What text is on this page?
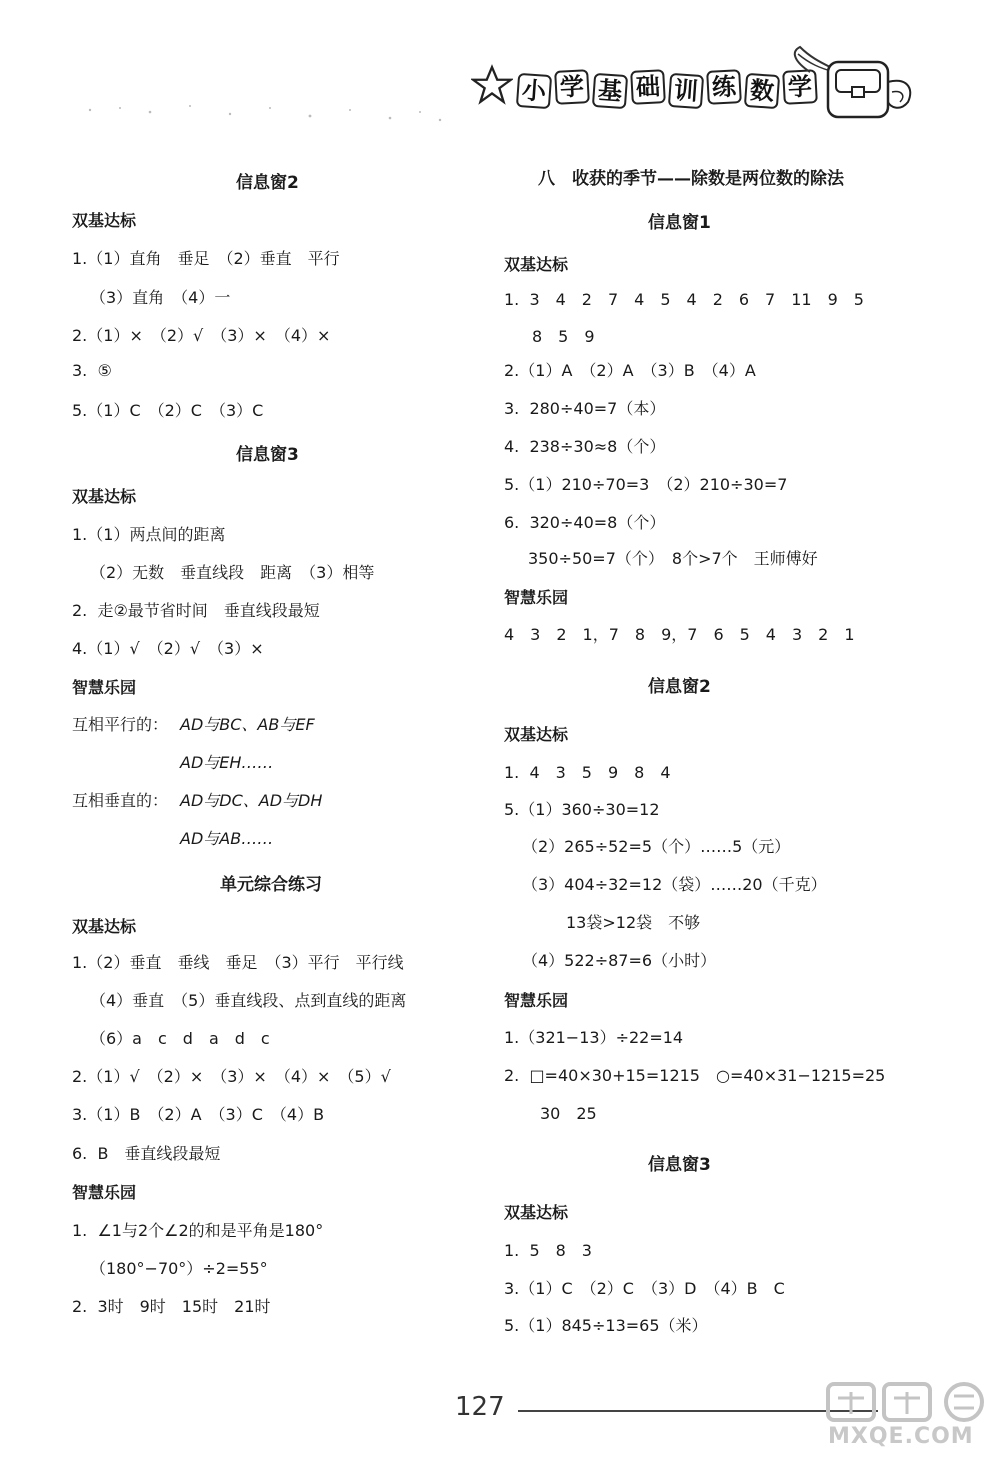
小 学 基 础 训 练 数 学
信息窗2
双基达标
1.（1）直角　垂足　（2）垂直　平行
（3）直角　（4）一
2.（1）×　（2）√　（3）×　（4）×
3.  ⑤
5.（1）C　（2）C　（3）C
信息窗3
双基达标
1.（1）两点间的距离
（2）无数　垂直线段　距离　（3）相等
2.  走②最节省时间　垂直线段最短
4.（1）√　（2）√　（3）×
智慧乐园
互相平行的： AD与BC、AB与EF
AD与EH……
互相垂直的： AD与DC、AD与DH
AD与AB……
单元综合练习
双基达标
1.（2）垂直　垂线　垂足　（3）平行　平行线
（4）垂直　（5）垂直线段、点到直线的距离
（6）a　c　d　a　d　c
2.（1）√　（2）×　（3）×　（4）×　（5）√
3.（1）B　（2）A　（3）C　（4）B
6.  B　垂直线段最短
智慧乐园
1.  ∠1与2个∠2的和是平角是180°
（180°−70°）÷2=55°
2.  3时　9时　15时　21时
八　收获的季节——除数是两位数的除法
信息窗1
双基达标
1.  3　4　2　7　4　5　4　2　6　7　11　9　5
8　5　9
2.（1）A　（2）A　（3）B　（4）A
3.  280÷40=7（本）
4.  238÷30≈8（个）
5.（1）210÷70=3　（2）210÷30=7
6.  320÷40=8（个）
350÷50=7（个）　8个>7个　王师傅好
智慧乐园
4　3　2　1，7　8　9，7　6　5　4　3　2　1
信息窗2
双基达标
1.  4　3　5　9　8　4
5.（1）360÷30=12
（2）265÷52=5（个）……5（元）
（3）404÷32=12（袋）……20（千克）
13袋>12袋　不够
（4）522÷87=6（小时）
智慧乐园
1.（321−13）÷22=14
2.  □=40×30+15=1215　○=40×31−1215=25
30　25
信息窗3
双基达标
1.  5　8　3
3.（1）C　（2）C　（3）D　（4）B　C
5.（1）845÷13=65（米）
127
MXQE.COM
